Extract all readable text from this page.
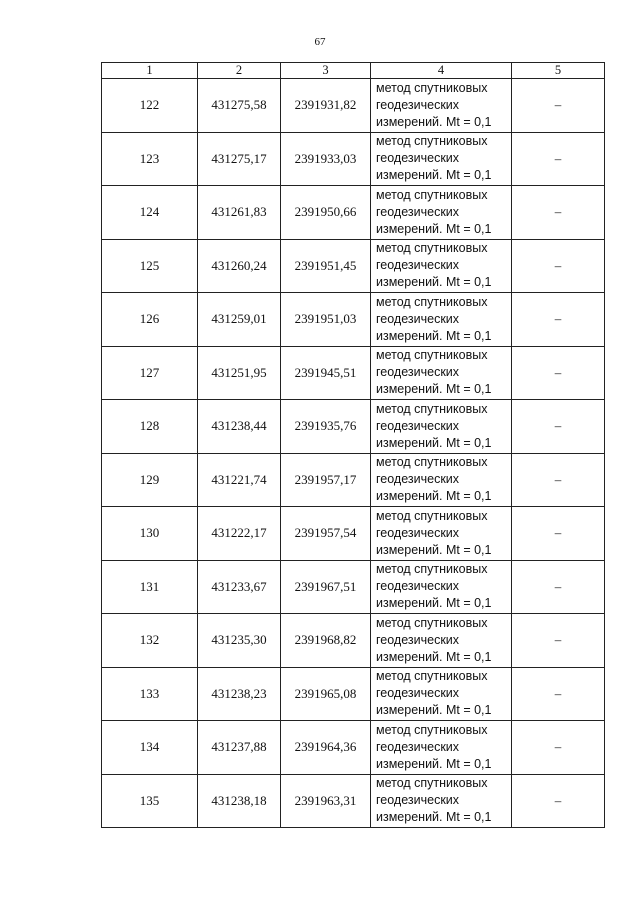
67
1	2	3	4	5
122	431275,58	2391931,82	метод спутниковых
геодезических
измерений. Mt = 0,1	–
123	431275,17	2391933,03	метод спутниковых
геодезических
измерений. Mt = 0,1	–
124	431261,83	2391950,66	метод спутниковых
геодезических
измерений. Mt = 0,1	–
125	431260,24	2391951,45	метод спутниковых
геодезических
измерений. Mt = 0,1	–
126	431259,01	2391951,03	метод спутниковых
геодезических
измерений. Mt = 0,1	–
127	431251,95	2391945,51	метод спутниковых
геодезических
измерений. Mt = 0,1	–
128	431238,44	2391935,76	метод спутниковых
геодезических
измерений. Mt = 0,1	–
129	431221,74	2391957,17	метод спутниковых
геодезических
измерений. Mt = 0,1	–
130	431222,17	2391957,54	метод спутниковых
геодезических
измерений. Mt = 0,1	–
131	431233,67	2391967,51	метод спутниковых
геодезических
измерений. Mt = 0,1	–
132	431235,30	2391968,82	метод спутниковых
геодезических
измерений. Mt = 0,1	–
133	431238,23	2391965,08	метод спутниковых
геодезических
измерений. Mt = 0,1	–
134	431237,88	2391964,36	метод спутниковых
геодезических
измерений. Mt = 0,1	–
135	431238,18	2391963,31	метод спутниковых
геодезических
измерений. Mt = 0,1	–
